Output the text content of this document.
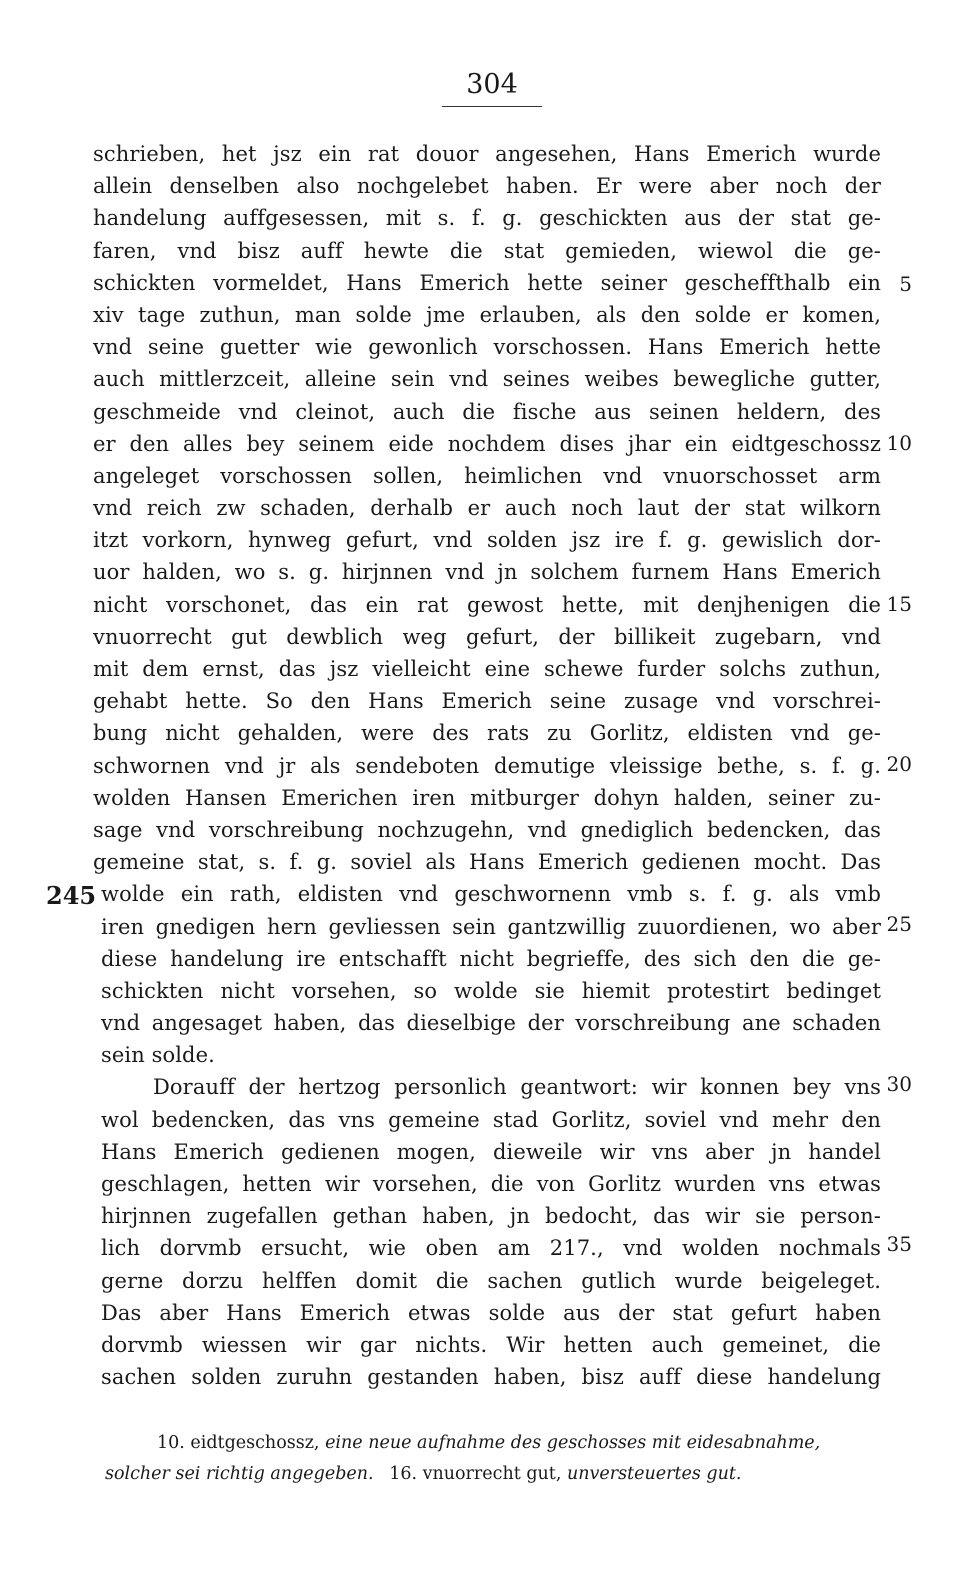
304
schrieben, het jsz ein rat douor angesehen, Hans Emerich wurde
allein denselben also nochgelebet haben. Er were aber noch der
handelung auffgesessen, mit s. f. g. geschickten aus der stat ge-
faren, vnd bisz auff hewte die stat gemieden, wiewol die ge-
schickten vormeldet, Hans Emerich hette seiner gescheffthalb ein
xiv tage zuthun, man solde jme erlauben, als den solde er komen,
vnd seine guetter wie gewonlich vorschossen. Hans Emerich hette
auch mittlerzceit, alleine sein vnd seines weibes bewegliche gutter,
geschmeide vnd cleinot, auch die fische aus seinen heldern, des
er den alles bey seinem eide nochdem dises jhar ein eidtgeschossz
angeleget vorschossen sollen, heimlichen vnd vnuorschosset arm
vnd reich zw schaden, derhalb er auch noch laut der stat wilkorn
itzt vorkorn, hynweg gefurt, vnd solden jsz ire f. g. gewislich dor-
uor halden, wo s. g. hirjnnen vnd jn solchem furnem Hans Emerich
nicht vorschonet, das ein rat gewost hette, mit denjhenigen die
vnuorrecht gut dewblich weg gefurt, der billikeit zugebarn, vnd
mit dem ernst, das jsz vielleicht eine schewe furder solchs zuthun,
gehabt hette. So den Hans Emerich seine zusage vnd vorschrei-
bung nicht gehalden, were des rats zu Gorlitz, eldisten vnd ge-
schwornen vnd jr als sendeboten demutige vleissige bethe, s. f. g.
wolden Hansen Emerichen iren mitburger dohyn halden, seiner zu-
sage vnd vorschreibung nochzugehn, vnd gnediglich bedencken, das
gemeine stat, s. f. g. soviel als Hans Emerich gedienen mocht. Das
wolde ein rath, eldisten vnd geschwornenn vmb s. f. g. als vmb
iren gnedigen hern gevliessen sein gantzwillig zuuordienen, wo aber
diese handelung ire entschafft nicht begrieffe, des sich den die ge-
schickten nicht vorsehen, so wolde sie hiemit protestirt bedinget
vnd angesaget haben, das dieselbige der vorschreibung ane schaden
sein solde.
Dorauff der hertzog personlich geantwort: wir konnen bey vns
wol bedencken, das vns gemeine stad Gorlitz, soviel vnd mehr den
Hans Emerich gedienen mogen, dieweile wir vns aber jn handel
geschlagen, hetten wir vorsehen, die von Gorlitz wurden vns etwas
hirjnnen zugefallen gethan haben, jn bedocht, das wir sie person-
lich dorvmb ersucht, wie oben am 217., vnd wolden nochmals
gerne dorzu helffen domit die sachen gutlich wurde beigeleget.
Das aber Hans Emerich etwas solde aus der stat gefurt haben
dorvmb wiessen wir gar nichts. Wir hetten auch gemeinet, die
sachen solden zuruhn gestanden haben, bisz auff diese handelung
5
10
15
20
25
30
35
245
10. eidtgeschossz, eine neue aufnahme des geschosses mit eidesabnahme,
solcher sei richtig angegeben. 16. vnuorrecht gut, unversteuertes gut.
